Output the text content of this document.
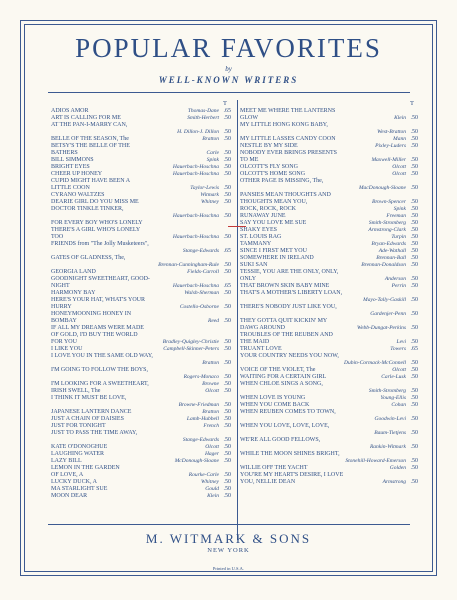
POPULAR FAVORITES
by
WELL-KNOWN WRITERS
T
ADIOS AMOR	Thomas-Dane .65
ART IS CALLING FOR ME	Smith-Herbert .50
AT THE PAN-I-MARRY CAN,
H. Dillon-J. Dillon .50
BELLE OF THE SEASON, The	Bratton .50
BETSY'S THE BELLE OF THE
BATHERS	Carle .50
BILL SIMMONS	Spink .50
BRIGHT EYES	Hauerbach-Hoschna .50
CHEER UP HONEY	Hauerbach-Hoschna .50
CUPID MIGHT HAVE BEEN A
LITTLE COON	Taylor-Lewis .50
CYRANO WALTZES	Witmark .50
DEARIE GIRL DO YOU MISS ME	Whitney .50
DOCTOR TINKLE TINKER,
Hauerbach-Hoschna .50
FOR EVERY BOY WHO'S LONELY
THERE'S A GIRL WHO'S LONELY
TOO	Hauerbach-Hoschna .50
FRIENDS from "The Jolly Musketeers",
Stange-Edwards .65
GATES OF GLADNESS, The,
Brennan-Cunningham-Rule .50
GEORGIA LAND	Fields-Carroll .50
GOODNIGHT SWEETHEART, GOOD-
NIGHT	Hauerbach-Hoschna .65
HARMONY BAY	Walsh-Sherman .50
HERE'S YOUR HAT, WHAT'S YOUR
HURRY	Costello-Osborne .50
HONEYMOONING HONEY IN
BOMBAY	Reed .50
IF ALL MY DREAMS WERE MADE
OF GOLD, I'D BUY THE WORLD
FOR YOU	Bradley-Quigley-Christie .50
I LIKE YOU	Campbell-Skinner-Peters .50
I LOVE YOU IN THE SAME OLD WAY,
Bratton .50
I'M GOING TO FOLLOW THE BOYS,
Rogers-Monaco .50
I'M LOOKING FOR A SWEETHEART,	Browne .50
IRISH SWELL, The	Olcott .50
I THINK IT MUST BE LOVE,
Browne-Friedman .50
JAPANESE LANTERN DANCE	Bratton .50
JUST A CHAIN OF DAISIES	Lamb-Hubbell .50
JUST FOR TONIGHT	French .50
JUST TO PASS THE TIME AWAY,
Stange-Edwards .50
KATE O'DONOGHUE	Olcott .50
LAUGHING WATER	Hager .50
LAZY BILL	McDonough-Sloane .50
LEMON IN THE GARDEN
OF LOVE, A	Rourke-Carle .50
LUCKY DUCK, A	Whitney .50
MA STARLIGHT SUE	Gould .50
MOON DEAR	Klein .50
T
MEET ME WHERE THE LANTERNS
GLOW	Klein .50
MY LITTLE HONG KONG BABY,
West-Bratton .50
MY LITTLE LASSES CANDY COON	Mann .50
NESTLE BY MY SIDE	Pixley-Luders .50
NOBODY EVER BRINGS PRESENTS
TO ME	Maxwell-Miller .50
OLCOTT'S FLY SONG	Olcott .50
OLCOTT'S HOME SONG	Olcott .50
OTHER PAGE IS MISSING, The,
MacDonough-Sloane .50
PANSIES MEAN THOUGHTS AND
THOUGHTS MEAN YOU,	Brown-Spencer .50
ROCK, ROCK, ROCK	Spink .50
RUNAWAY JUNE	Freeman .50
SAY YOU LOVE ME SUE	Smith-Stromberg .50
SHAKY EYES	Armstrong-Clark .50
ST. LOUIS RAG	Turpin .50
TAMMANY	Bryan-Edwards .50
SINCE I FIRST MET YOU	Ade-Wathall .50
SOMEWHERE IN IRELAND	Brennan-Ball .50
SUKI SAN	Brennan-Donaldson .50
TESSIE, YOU ARE THE ONLY, ONLY,
ONLY	Anderson .50
THAT BROWN SKIN BABY MINE	Perrin .50
THAT'S A MOTHER'S LIBERTY LOAN,
Mayo-Tally-Gaskill .50
THERE'S NOBODY JUST LIKE YOU,
Gardenjer-Penn .50
THEY GOTTA QUIT KICKIN' MY
DAWG AROUND	Webb-Dungat-Perkins .50
TROUBLES OF THE REUBEN AND
THE MAID	Levi .50
TRUANT LOVE	Towers .65
YOUR COUNTRY NEEDS YOU NOW,
Dubin-Cormack-McConnell .50
VOICE OF THE VIOLET, The	Olcott .50
WAITING FOR A CERTAIN GIRL	Carle-Lusk .50
WHEN CHLOE SINGS A SONG,
Smith-Stromberg .50
WHEN LOVE IS YOUNG	Young-Ellis .50
WHEN YOU COME BACK	Cohan .50
WHEN REUBEN COMES TO TOWN,
Goodwin-Levi .50
WHEN YOU LOVE, LOVE, LOVE,
Baum-Tietjens .50
WE'RE ALL GOOD FELLOWS,
Rankin-Witmark .50
WHILE THE MOON SHINES BRIGHT,
Stonehill-Howard-Emerson .50
WILLIE OFF THE YACHT	Golden .50
YOU'RE MY HEART'S DESIRE, I LOVE
YOU, NELLIE DEAN	Armstrong .50
M. WITMARK & SONS
NEW YORK
Printed in U.S.A.
